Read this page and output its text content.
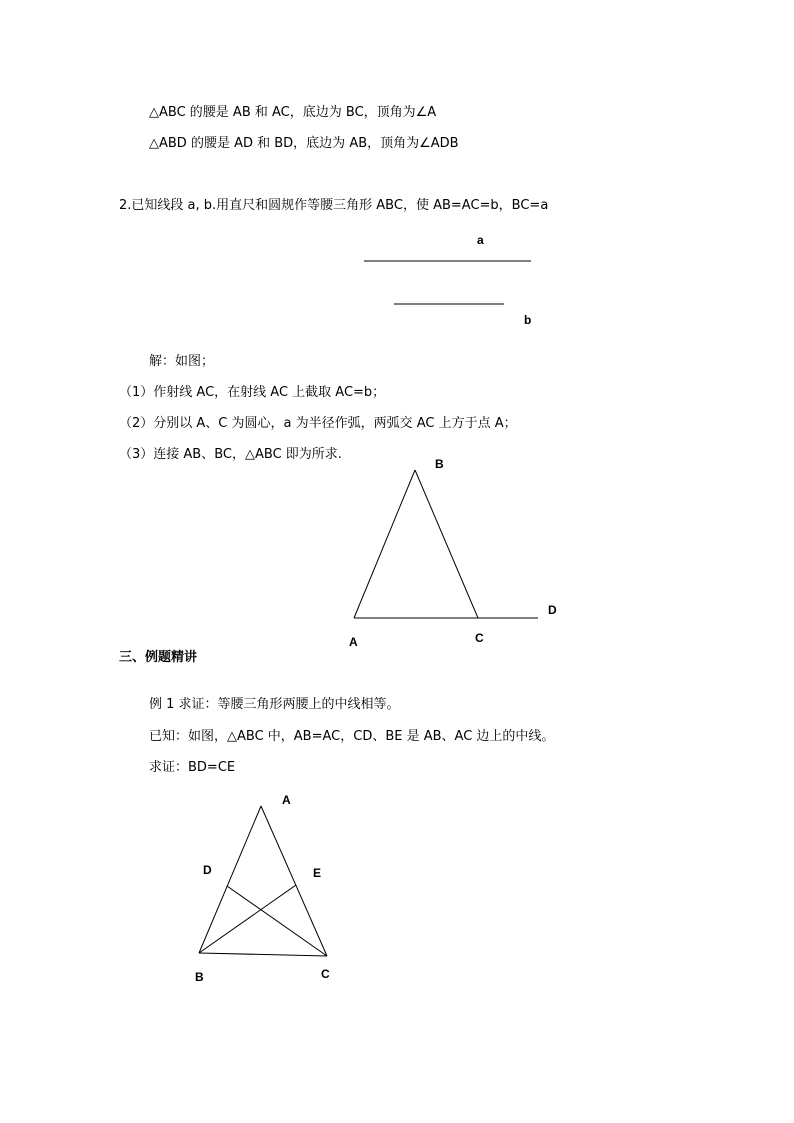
△ABC 的腰是 AB 和 AC，底边为 BC，顶角为∠A
△ABD 的腰是 AD 和 BD，底边为 AB，顶角为∠ADB
2.已知线段 a, b.用直尺和圆规作等腰三角形 ABC，使 AB=AC=b，BC=a
a
b
解：如图；
（1）作射线 AC，在射线 AC 上截取 AC=b；
（2）分别以 A、C 为圆心，a 为半径作弧，两弧交 AC 上方于点 A；
（3）连接 AB、BC，△ABC 即为所求.
B
D
A	C
三、例题精讲
例 1 求证：等腰三角形两腰上的中线相等。
已知：如图，△ABC 中，AB=AC，CD、BE 是 AB、AC 边上的中线。
求证：BD=CE
A
D	E
B	C
